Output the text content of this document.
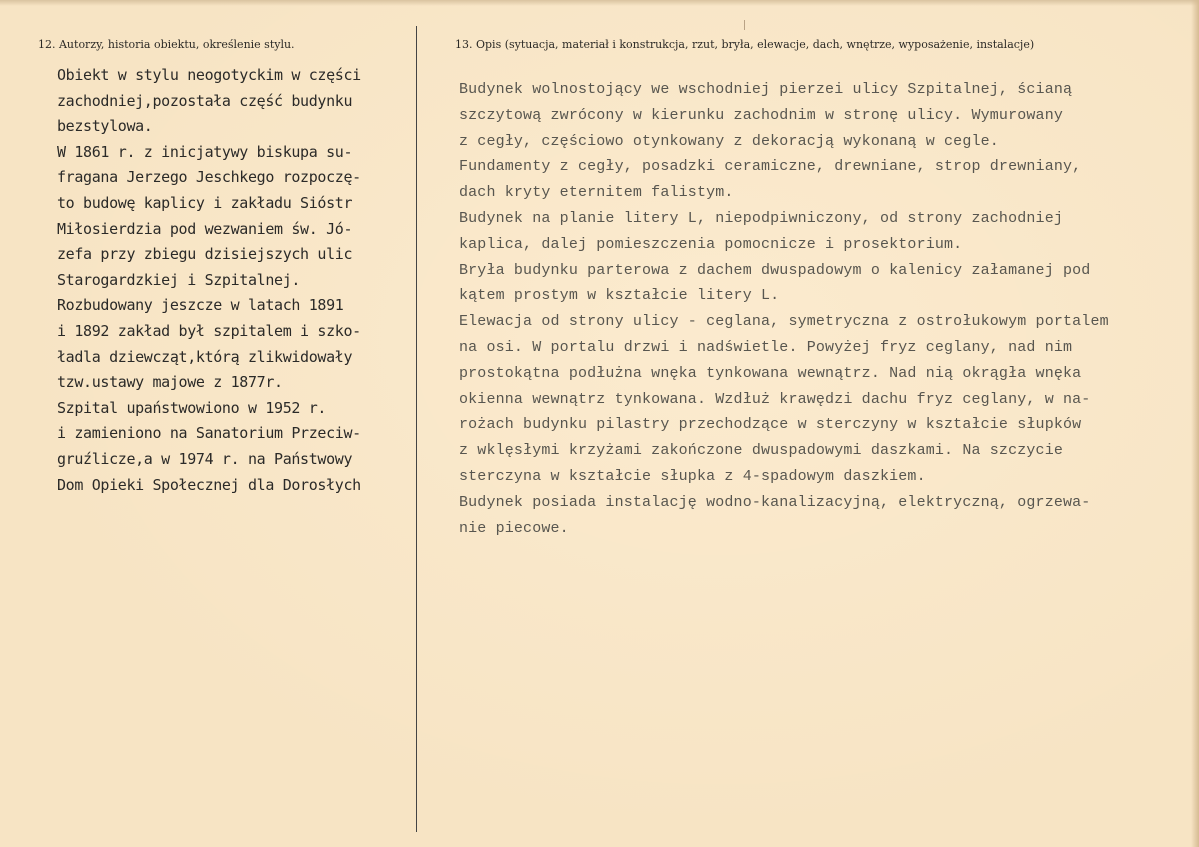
12. Autorzy, historia obiektu, określenie stylu.	13. Opis (sytuacja, materiał i konstrukcja, rzut, bryła, elewacje, dach, wnętrze, wyposażenie, instalacje)
Obiekt w stylu neogotyckim w części
zachodniej,pozostała część budynku
bezstylowa.
W 1861 r. z inicjatywy biskupa su-
fragana Jerzego Jeschkego rozpoczę-
to budowę kaplicy i zakładu Sióstr
Miłosierdzia pod wezwaniem św. Jó-
zefa przy zbiegu dzisiejszych ulic
Starogardzkiej i Szpitalnej.
Rozbudowany jeszcze w latach 1891
i 1892 zakład był szpitalem i szko-
ładla dziewcząt,którą zlikwidowały
tzw.ustawy majowe z 1877r.
Szpital upaństwowiono w 1952 r.
i zamieniono na Sanatorium Przeciw-
gruźlicze,a w 1974 r. na Państwowy
Dom Opieki Społecznej dla Dorosłych
Budynek wolnostojący we wschodniej pierzei ulicy Szpitalnej, ścianą
szczytową zwrócony w kierunku zachodnim w stronę ulicy. Wymurowany
z cegły, częściowo otynkowany z dekoracją wykonaną w cegle.
Fundamenty z cegły, posadzki ceramiczne, drewniane, strop drewniany,
dach kryty eternitem falistym.
Budynek na planie litery L, niepodpiwniczony, od strony zachodniej
kaplica, dalej pomieszczenia pomocnicze i prosektorium.
Bryła budynku parterowa z dachem dwuspadowym o kalenicy załamanej pod
kątem prostym w kształcie litery L.
Elewacja od strony ulicy - ceglana, symetryczna z ostrołukowym portalem
na osi. W portalu drzwi i nadświetle. Powyżej fryz ceglany, nad nim
prostokątna podłużna wnęka tynkowana wewnątrz. Nad nią okrągła wnęka
okienna wewnątrz tynkowana. Wzdłuż krawędzi dachu fryz ceglany, w na-
rożach budynku pilastry przechodzące w sterczyny w kształcie słupków
z wklęsłymi krzyżami zakończone dwuspadowymi daszkami. Na szczycie
sterczyna w kształcie słupka z 4-spadowym daszkiem.
Budynek posiada instalację wodno-kanalizacyjną, elektryczną, ogrzewa-
nie piecowe.
